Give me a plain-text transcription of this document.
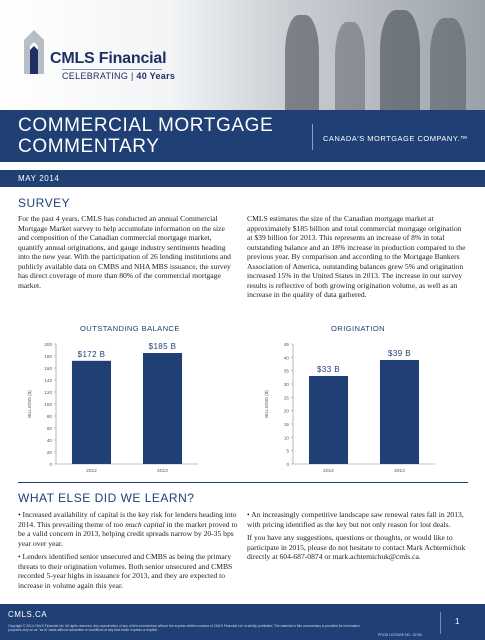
CMLS Financial
CELEBRATING | 40 Years
COMMERCIAL MORTGAGE
COMMENTARY	CANADA'S MORTGAGE COMPANY.™
MAY 2014
SURVEY

For the past 4 years, CMLS has conducted an annual Commercial Mortgage Market survey to help accumulate information on the size and composition of the Canadian commercial mortgage market, quantify annual originations, and gauge industry sentiments heading into the new year. With the participation of 26 lending institutions and publicly available data on CMBS and NHA MBS issuance, the survey has direct coverage of more than 80% of the commercial mortgage market.

CMLS estimates the size of the Canadian mortgage market at approximately $185 billion and total commercial mortgage origination at $39 billion for 2013. This represents an increase of 8% in total outstanding balance and an 18% increase in production compared to the previous year. By comparison and according to the Mortgage Bankers Association of America, outstanding balances grew 5% and origination increased 15% in the United States in 2013. The increase in our survey results is reflective of both growing origination volume, as well as an increase in the quality of data gathered.

OUTSTANDING BALANCE
0
20
40
60
80
100
120
140
160
180
200
BILLIONS ($)
$172 B
2012
$185 B
2013
ORIGINATION
0
5
10
15
20
25
30
35
40
45
BILLIONS ($)
$33 B
2012
$39 B
2013
WHAT ELSE DID WE LEARN?

• Increased availability of capital is the key risk for lenders heading into 2014. This prevailing theme of too much capital in the market proved to be a valid concern in 2013, helping credit spreads narrow by 20-35 bps year over year.

• Lenders identified senior unsecured and CMBS as being the primary threats to their origination volumes. Both senior unsecured and CMBS recorded 5-year highs in issuance for 2013, and they are expected to increase in volume again this year.

• An increasingly competitive landscape saw renewal rates fall in 2013, with pricing identified as the key but not only reason for lost deals.

If you have any suggestions, questions or thoughts, or would like to participate in 2015, please do not hesitate to contact Mark Achtemichuk directly at 604-687-0874 or mark.achtemichuk@cmls.ca.

CMLS.CA
Copyright © 2014 CMLS Financial Ltd. All rights reserved. Any reproduction of any of this commentary without the express written consent of CMLS Financial Ltd. is strictly prohibited. The material in this commentary is provided for information purposes only on an "as is" basis without warranties or conditions of any kind either express or implied.
1
PROD LICENSE NO. 10760
